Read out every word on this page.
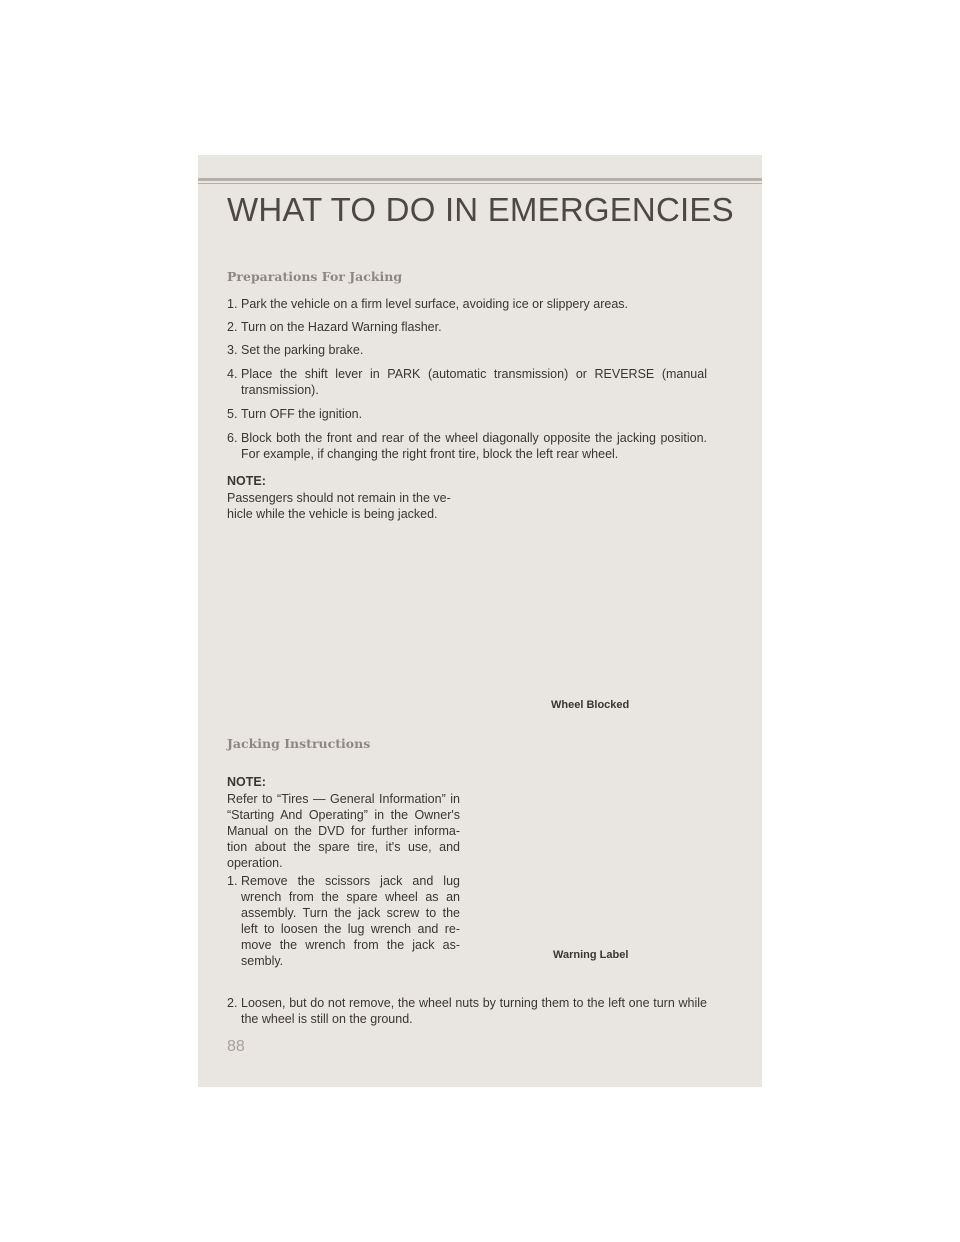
WHAT TO DO IN EMERGENCIES
Preparations For Jacking
1. Park the vehicle on a firm level surface, avoiding ice or slippery areas.
2. Turn on the Hazard Warning flasher.
3. Set the parking brake.
4. Place the shift lever in PARK (automatic transmission) or REVERSE (manual transmission).
5. Turn OFF the ignition.
6. Block both the front and rear of the wheel diagonally opposite the jacking position. For example, if changing the right front tire, block the left rear wheel.
NOTE:
Passengers should not remain in the ve-hicle while the vehicle is being jacked.
Wheel Blocked
Jacking Instructions
NOTE:
Refer to “Tires — General Information” in “Starting And Operating” in the Owner's Manual on the DVD for further informa-tion about the spare tire, it's use, and operation.
1. Remove the scissors jack and lug wrench from the spare wheel as an assembly. Turn the jack screw to the left to loosen the lug wrench and re-move the wrench from the jack as-sembly.	Warning Label
2. Loosen, but do not remove, the wheel nuts by turning them to the left one turn while the wheel is still on the ground.
88
